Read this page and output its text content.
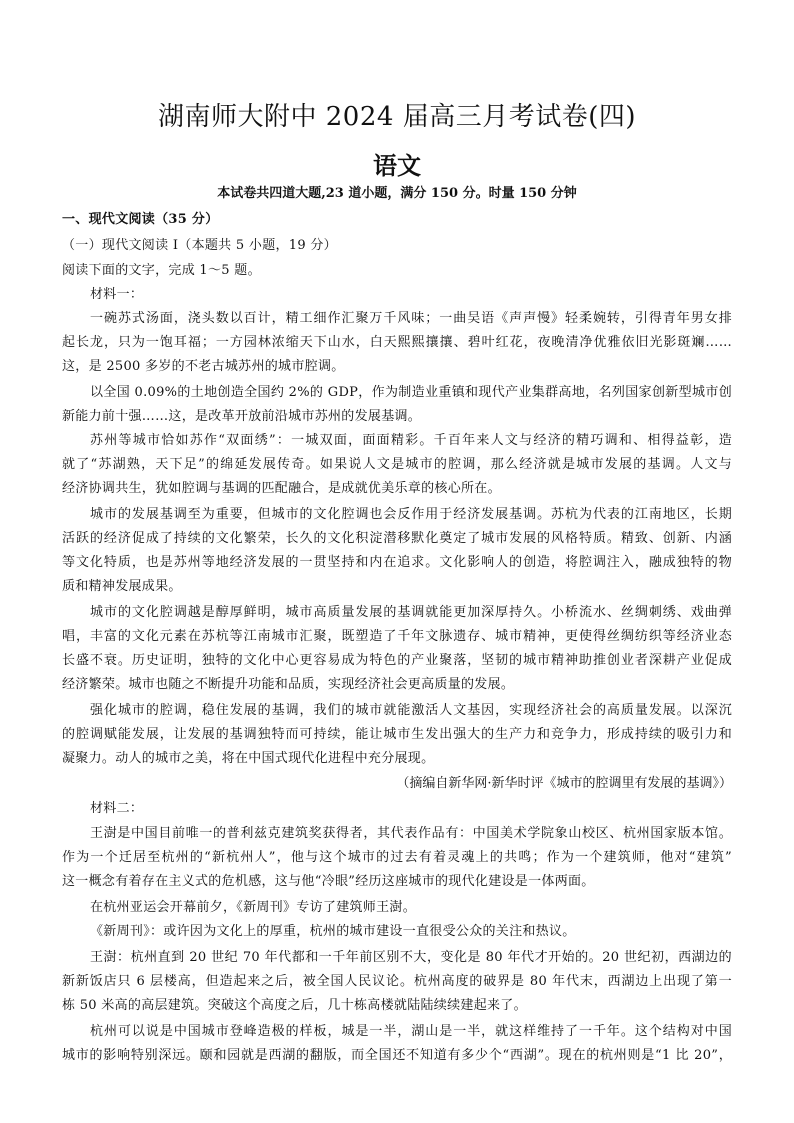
湖南师大附中 2024 届高三月考试卷(四)
语文
本试卷共四道大题,23 道小题，满分 150 分。时量 150 分钟
一、现代文阅读（35 分）
（一）现代文阅读 I（本题共 5 小题，19 分）
阅读下面的文字，完成 1～5 题。
材料一：
一碗苏式汤面，浇头数以百计，精工细作汇聚万千风味；一曲吴语《声声慢》轻柔婉转，引得青年男女排
起长龙，只为一饱耳福；一方园林浓缩天下山水，白天熙熙攘攘、碧叶红花，夜晚清净优雅依旧光影斑斓……
这，是 2500 多岁的不老古城苏州的城市腔调。
以全国 0.09%的土地创造全国约 2%的 GDP，作为制造业重镇和现代产业集群高地，名列国家创新型城市创
新能力前十强……这，是改革开放前沿城市苏州的发展基调。
苏州等城市恰如苏作“双面绣”：一城双面，面面精彩。千百年来人文与经济的精巧调和、相得益彰，造
就了“苏湖熟，天下足”的绵延发展传奇。如果说人文是城市的腔调，那么经济就是城市发展的基调。人文与
经济协调共生，犹如腔调与基调的匹配融合，是成就优美乐章的核心所在。
城市的发展基调至为重要，但城市的文化腔调也会反作用于经济发展基调。苏杭为代表的江南地区，长期
活跃的经济促成了持续的文化繁荣，长久的文化积淀潜移默化奠定了城市发展的风格特质。精致、创新、内涵
等文化特质，也是苏州等地经济发展的一贯坚持和内在追求。文化影响人的创造，将腔调注入，融成独特的物
质和精神发展成果。
城市的文化腔调越是醇厚鲜明，城市高质量发展的基调就能更加深厚持久。小桥流水、丝绸刺绣、戏曲弹
唱，丰富的文化元素在苏杭等江南城市汇聚，既塑造了千年文脉遗存、城市精神，更使得丝绸纺织等经济业态
长盛不衰。历史证明，独特的文化中心更容易成为特色的产业聚落，坚韧的城市精神助推创业者深耕产业促成
经济繁荣。城市也随之不断提升功能和品质，实现经济社会更高质量的发展。
强化城市的腔调，稳住发展的基调，我们的城市就能激活人文基因，实现经济社会的高质量发展。以深沉
的腔调赋能发展，让发展的基调独特而可持续，能让城市生发出强大的生产力和竞争力，形成持续的吸引力和
凝聚力。动人的城市之美，将在中国式现代化进程中充分展现。
（摘编自新华网·新华时评《城市的腔调里有发展的基调》）
材料二：
王澍是中国目前唯一的普利兹克建筑奖获得者，其代表作品有：中国美术学院象山校区、杭州国家版本馆。
作为一个迁居至杭州的“新杭州人”，他与这个城市的过去有着灵魂上的共鸣；作为一个建筑师，他对“建筑”
这一概念有着存在主义式的危机感，这与他“冷眼”经历这座城市的现代化建设是一体两面。
在杭州亚运会开幕前夕，《新周刊》专访了建筑师王澍。
《新周刊》：或许因为文化上的厚重，杭州的城市建设一直很受公众的关注和热议。
王澍：杭州直到 20 世纪 70 年代都和一千年前区别不大，变化是 80 年代才开始的。20 世纪初，西湖边的
新新饭店只 6 层楼高，但造起来之后，被全国人民议论。杭州高度的破界是 80 年代末，西湖边上出现了第一
栋 50 米高的高层建筑。突破这个高度之后，几十栋高楼就陆陆续续建起来了。
杭州可以说是中国城市登峰造极的样板，城是一半，湖山是一半，就这样维持了一千年。这个结构对中国
城市的影响特别深远。颐和园就是西湖的翻版，而全国还不知道有多少个“西湖”。现在的杭州则是“1 比 20”，
